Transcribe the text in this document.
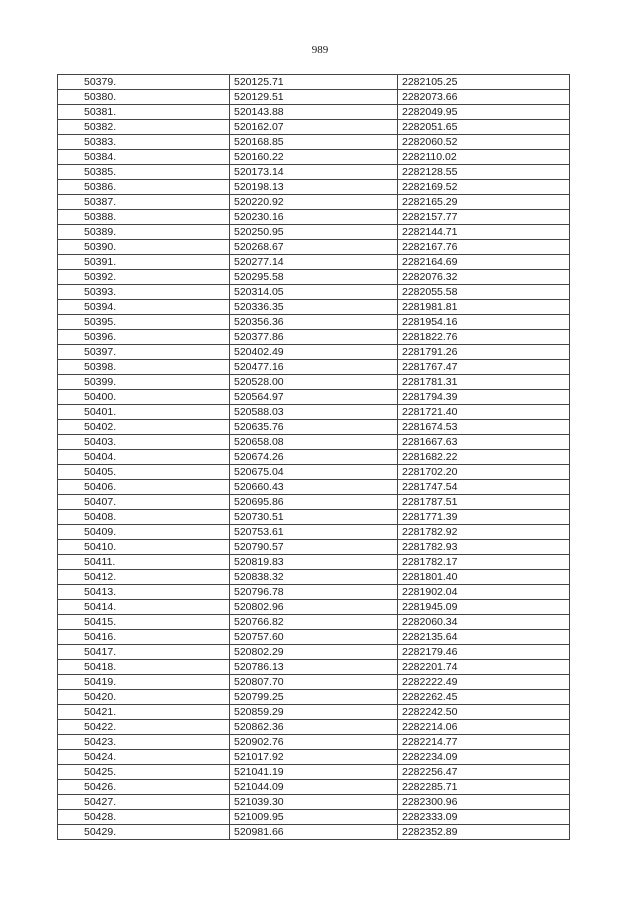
989
50379.	520125.71	2282105.25
50380.	520129.51	2282073.66
50381.	520143.88	2282049.95
50382.	520162.07	2282051.65
50383.	520168.85	2282060.52
50384.	520160.22	2282110.02
50385.	520173.14	2282128.55
50386.	520198.13	2282169.52
50387.	520220.92	2282165.29
50388.	520230.16	2282157.77
50389.	520250.95	2282144.71
50390.	520268.67	2282167.76
50391.	520277.14	2282164.69
50392.	520295.58	2282076.32
50393.	520314.05	2282055.58
50394.	520336.35	2281981.81
50395.	520356.36	2281954.16
50396.	520377.86	2281822.76
50397.	520402.49	2281791.26
50398.	520477.16	2281767.47
50399.	520528.00	2281781.31
50400.	520564.97	2281794.39
50401.	520588.03	2281721.40
50402.	520635.76	2281674.53
50403.	520658.08	2281667.63
50404.	520674.26	2281682.22
50405.	520675.04	2281702.20
50406.	520660.43	2281747.54
50407.	520695.86	2281787.51
50408.	520730.51	2281771.39
50409.	520753.61	2281782.92
50410.	520790.57	2281782.93
50411.	520819.83	2281782.17
50412.	520838.32	2281801.40
50413.	520796.78	2281902.04
50414.	520802.96	2281945.09
50415.	520766.82	2282060.34
50416.	520757.60	2282135.64
50417.	520802.29	2282179.46
50418.	520786.13	2282201.74
50419.	520807.70	2282222.49
50420.	520799.25	2282262.45
50421.	520859.29	2282242.50
50422.	520862.36	2282214.06
50423.	520902.76	2282214.77
50424.	521017.92	2282234.09
50425.	521041.19	2282256.47
50426.	521044.09	2282285.71
50427.	521039.30	2282300.96
50428.	521009.95	2282333.09
50429.	520981.66	2282352.89
